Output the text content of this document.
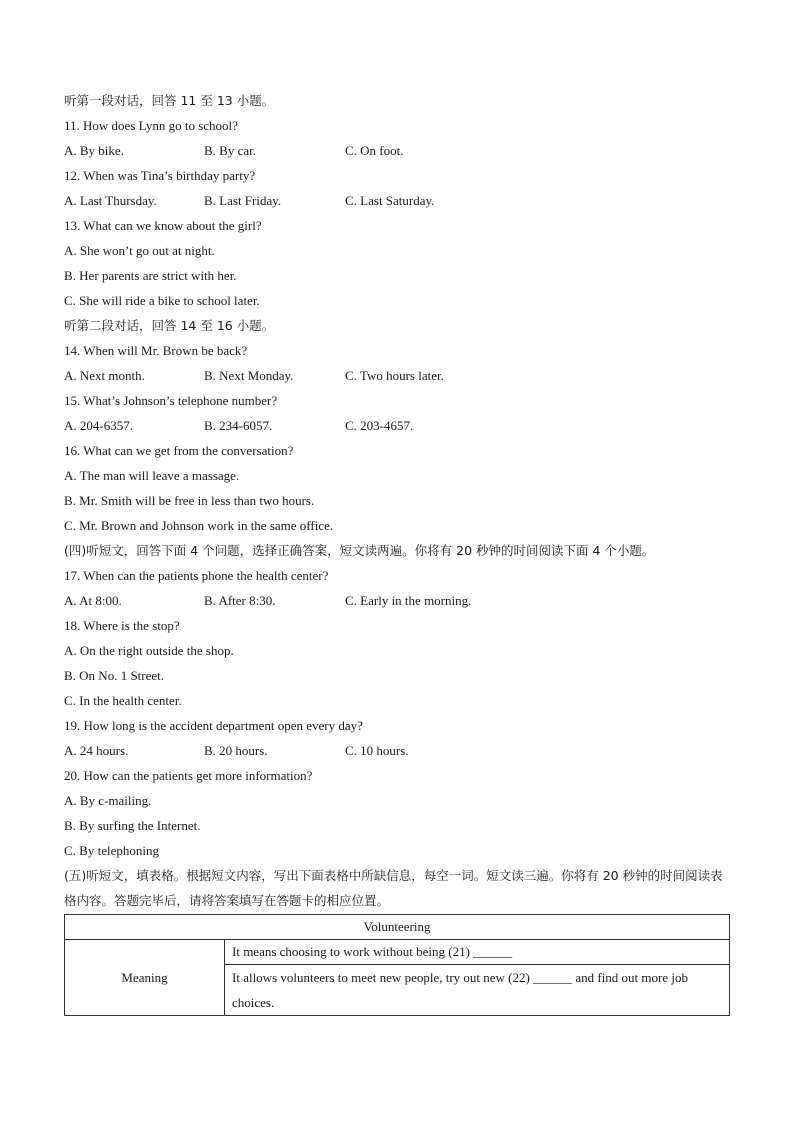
听第一段对话，回答 11 至 13 小题。
11. How does Lynn go to school?
A. By bike.	B. By car.	C. On foot.
12. When was Tina’s birthday party?
A. Last Thursday.	B. Last Friday.	C. Last Saturday.
13. What can we know about the girl?
A. She won’t go out at night.
B. Her parents are strict with her.
C. She will ride a bike to school later.
听第二段对话，回答 14 至 16 小题。
14. When will Mr. Brown be back?
A. Next month.	B. Next Monday.	C. Two hours later.
15. What’s Johnson’s telephone number?
A. 204-6357.	B. 234-6057.	C. 203-4657.
16. What can we get from the conversation?
A. The man will leave a massage.
B. Mr. Smith will be free in less than two hours.
C. Mr. Brown and Johnson work in the same office.
(四)听短文，回答下面 4 个问题，选择正确答案，短文读两遍。你将有 20 秒钟的时间阅读下面 4 个小题。
17. When can the patients phone the health center?
A. At 8:00.	B. After 8:30.	C. Early in the morning.
18. Where is the stop?
A. On the right outside the shop.
B. On No. 1 Street.
C. In the health center.
19. How long is the accident department open every day?
A. 24 hours.	B. 20 hours.	C. 10 hours.
20. How can the patients get more information?
A. By c-mailing.
B. By surfing the Internet.
C. By telephoning
(五)听短文，填表格。根据短文内容，写出下面表格中所缺信息，每空一词。短文读三遍。你将有 20 秒钟的时间阅读表格内容。答题完毕后，请将答案填写在答题卡的相应位置。
Volunteering
Meaning	It means choosing to work without being (21) ______
It allows volunteers to meet new people, try out new (22) ______ and find out more job choices.
